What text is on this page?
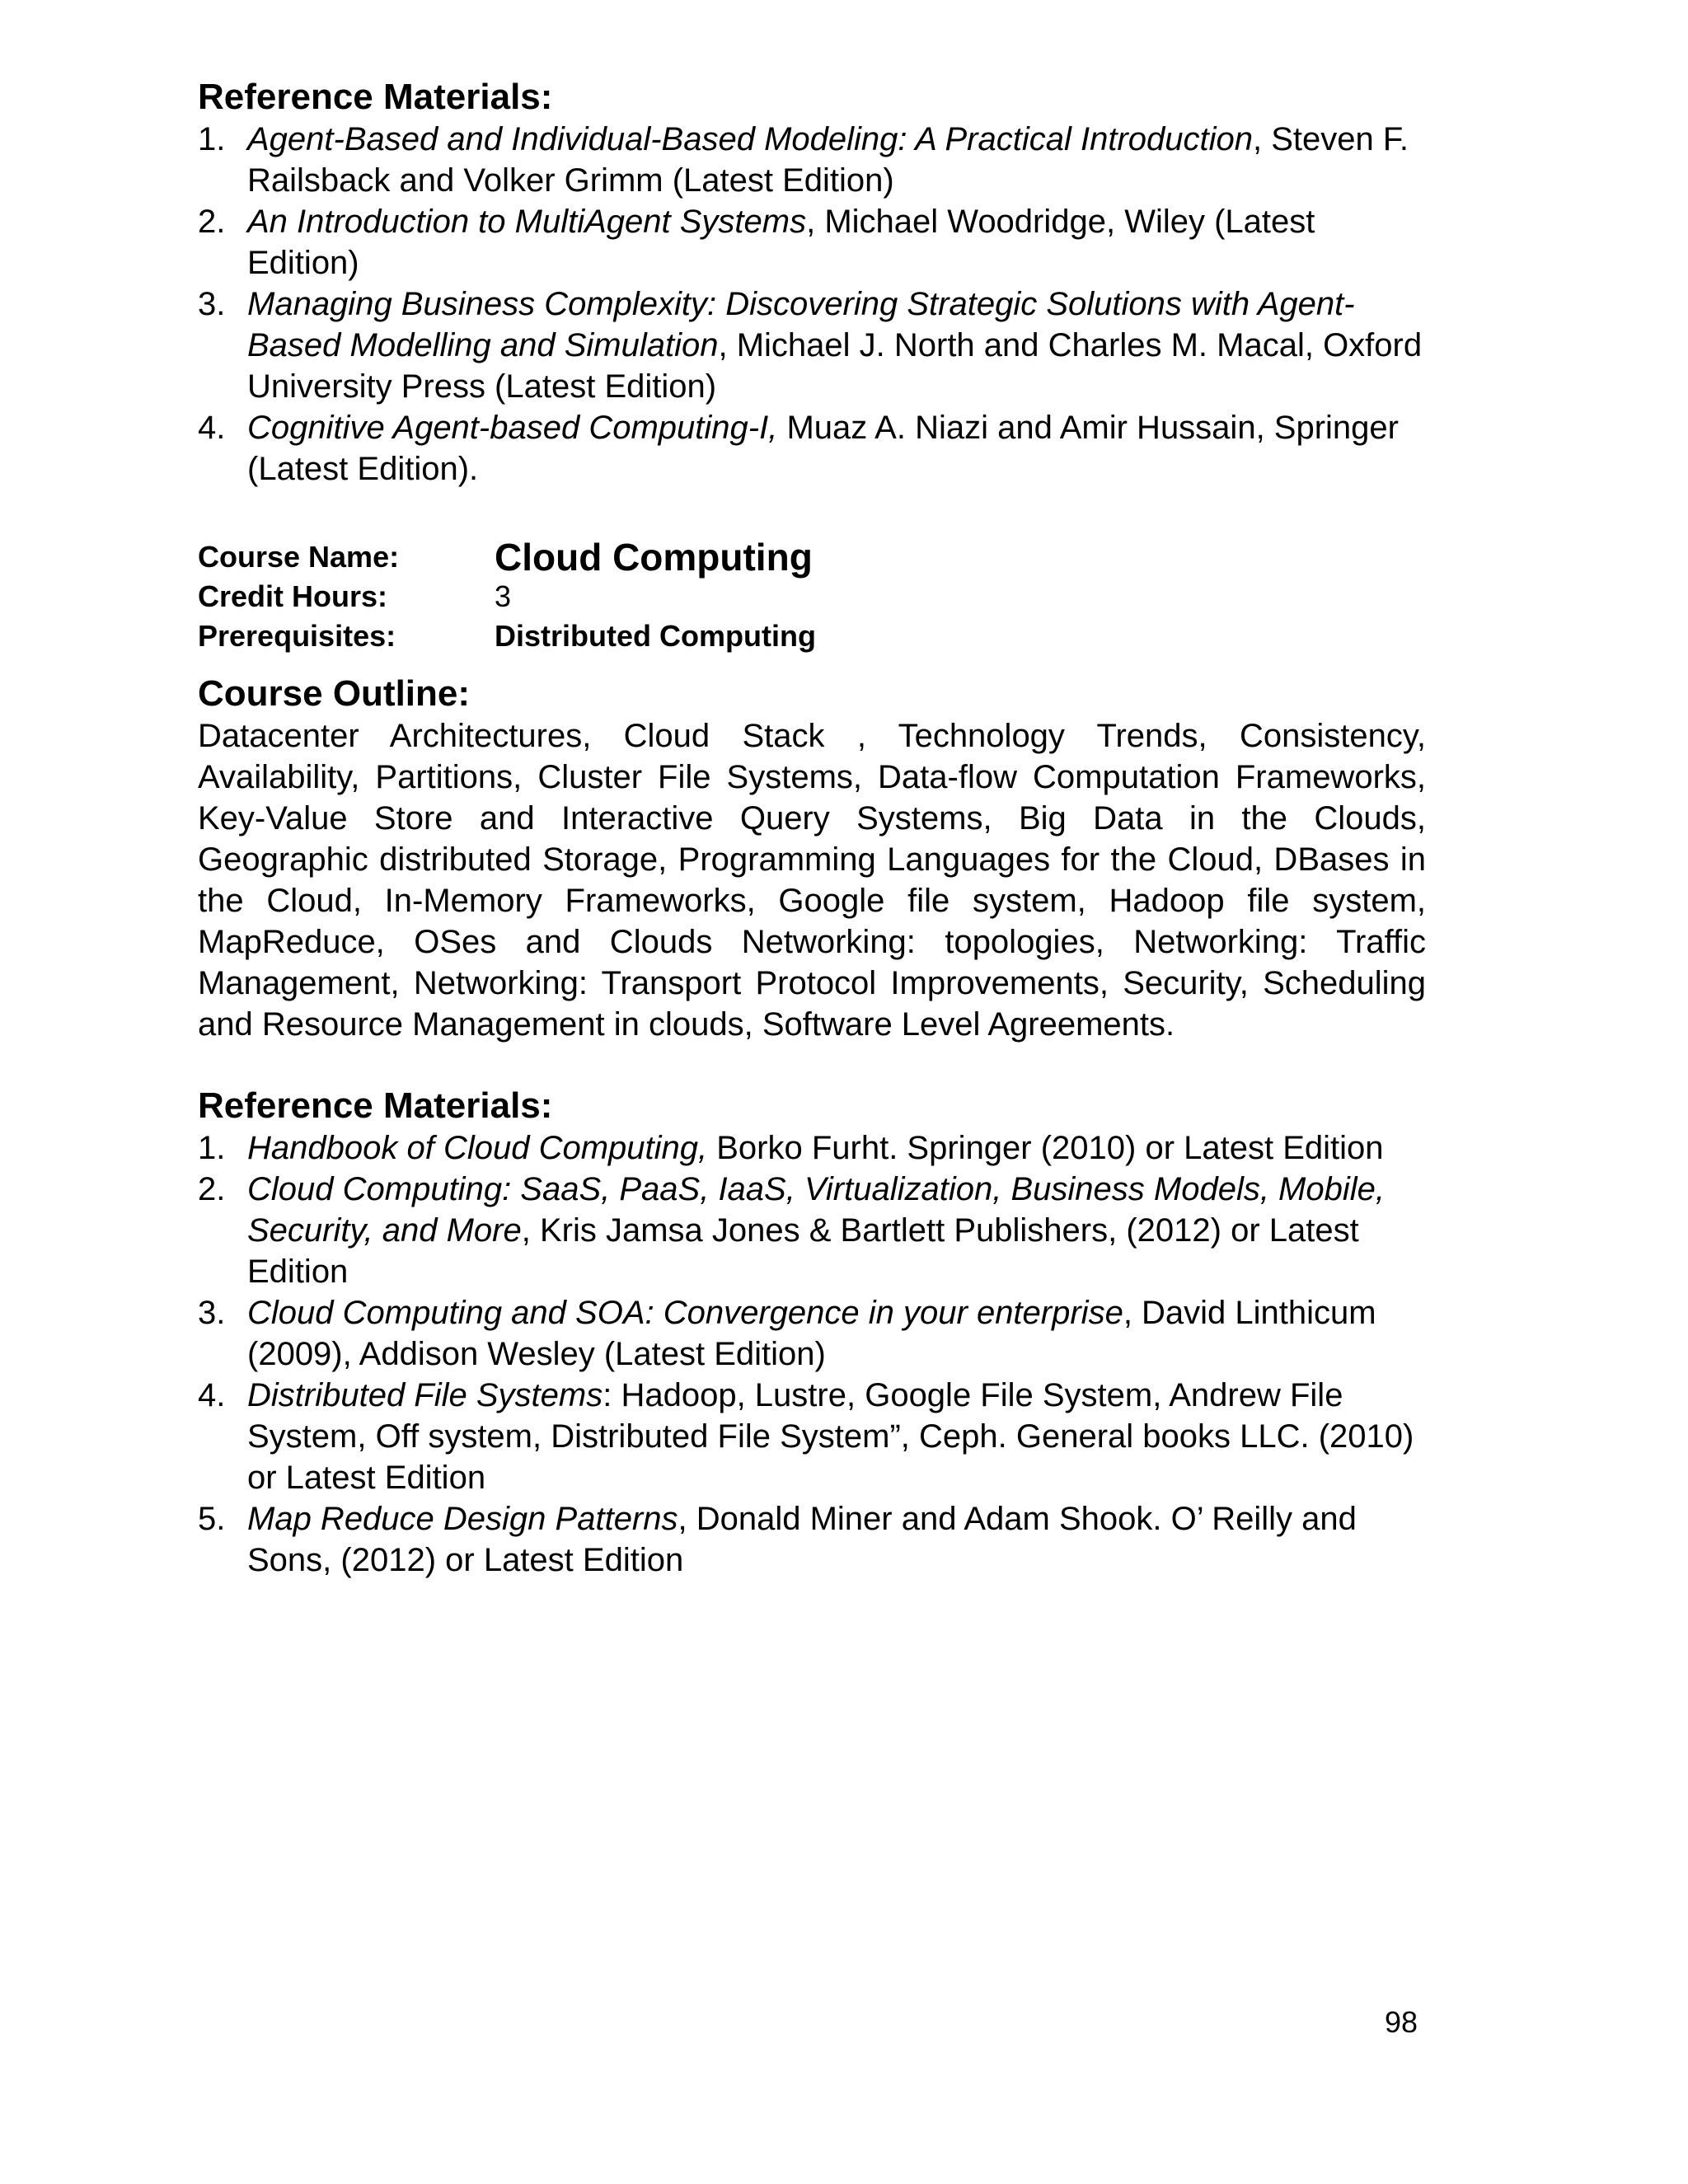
Reference Materials:
1. Agent-Based and Individual-Based Modeling: A Practical Introduction, Steven F. Railsback and Volker Grimm (Latest Edition)
2. An Introduction to MultiAgent Systems, Michael Woodridge, Wiley (Latest Edition)
3. Managing Business Complexity: Discovering Strategic Solutions with Agent-Based Modelling and Simulation, Michael J. North and Charles M. Macal, Oxford University Press (Latest Edition)
4. Cognitive Agent-based Computing-I, Muaz A. Niazi and Amir Hussain, Springer (Latest Edition).
Course Name:	Cloud Computing
Credit Hours:	3
Prerequisites:	Distributed Computing
Course Outline:

Datacenter Architectures, Cloud Stack , Technology Trends, Consistency, Availability, Partitions, Cluster File Systems, Data-flow Computation Frameworks, Key-Value Store and Interactive Query Systems, Big Data in the Clouds, Geographic distributed Storage, Programming Languages for the Cloud, DBases in the Cloud, In-Memory Frameworks, Google file system, Hadoop file system, MapReduce, OSes and Clouds Networking: topologies, Networking: Traffic Management, Networking: Transport Protocol Improvements, Security, Scheduling and Resource Management in clouds, Software Level Agreements.

Reference Materials:
1. Handbook of Cloud Computing, Borko Furht. Springer (2010) or Latest Edition
2. Cloud Computing: SaaS, PaaS, IaaS, Virtualization, Business Models, Mobile, Security, and More, Kris Jamsa Jones & Bartlett Publishers, (2012) or Latest Edition
3. Cloud Computing and SOA: Convergence in your enterprise, David Linthicum (2009), Addison Wesley (Latest Edition)
4. Distributed File Systems: Hadoop, Lustre, Google File System, Andrew File System, Off system, Distributed File System”, Ceph. General books LLC. (2010) or Latest Edition
5. Map Reduce Design Patterns, Donald Miner and Adam Shook. O’ Reilly and Sons, (2012) or Latest Edition
98
